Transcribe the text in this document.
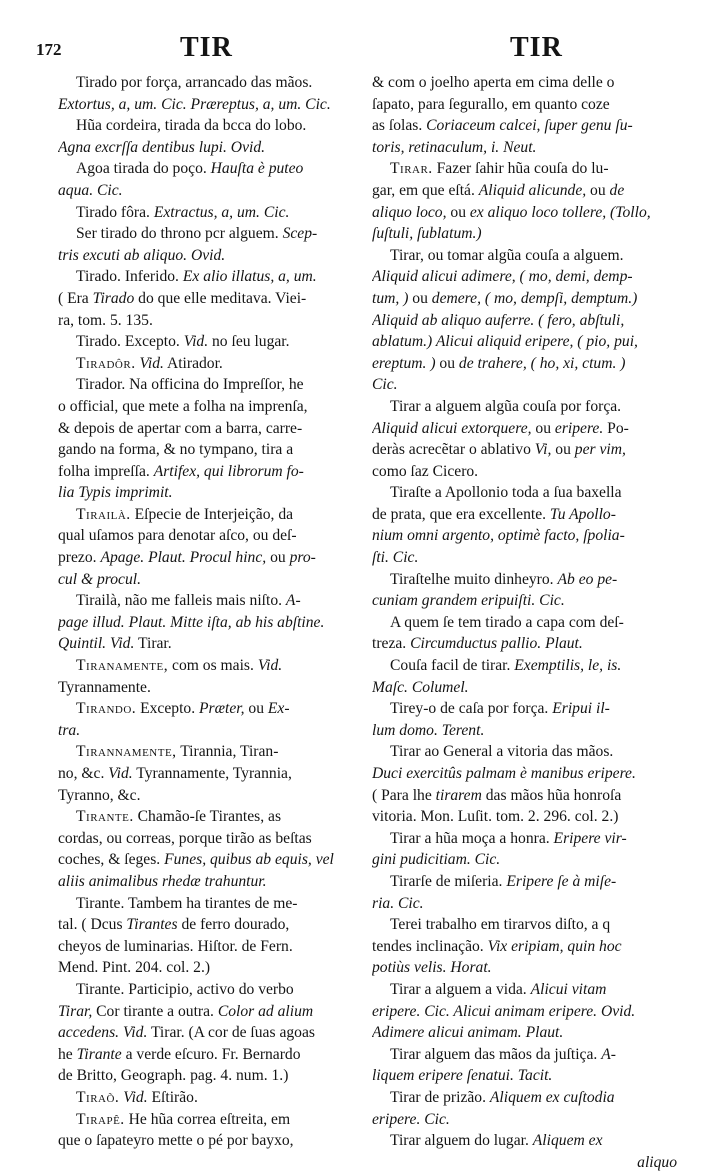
172	TIR	TIR
Tirado por força, arrancado das mãos.
Extortus, a, um. Cic. Præreptus, a, um. Cic.
Hũa cordeira, tirada da bcca do lobo.
Agna excrſſa dentibus lupi. Ovid.
Agoa tirada do poço. Hauſta è puteo
aqua. Cic.
Tirado fôra. Extractus, a, um. Cic.
Ser tirado do throno pcr alguem. Scep-
tris excuti ab aliquo. Ovid.
Tirado. Inferido. Ex alio illatus, a, um.
( Era Tirado do que elle meditava. Viei-
ra, tom. 5. 135.
Tirado. Excepto. Vid. no ſeu lugar.
Tiradôr. Vid. Atirador.
Tirador. Na officina do Impreſſor, he
o official, que mete a folha na imprenſa,
& depois de apertar com a barra, carre-
gando na forma, & no tympano, tira a
folha impreſſa. Artifex, qui librorum fo-
lia Typis imprimit.
Tirailà. Eſpecie de Interjeição, da
qual uſamos para denotar aſco, ou deſ-
prezo. Apage. Plaut. Procul hinc, ou pro-
cul & procul.
Tirailà, não me falleis mais niſto. A-
page illud. Plaut. Mitte iſta, ab his abſtine.
Quintil. Vid. Tirar.
Tiranamente, com os mais. Vid.
Tyrannamente.
Tirando. Excepto. Præter, ou Ex-
tra.
Tirannamente, Tirannia, Tiran-
no, &c. Vid. Tyrannamente, Tyrannia,
Tyranno, &c.
Tirante. Chamão-ſe Tirantes, as
cordas, ou correas, porque tirão as beſtas
coches, & ſeges. Funes, quibus ab equis, vel
aliis animalibus rhedæ trahuntur.
Tirante. Tambem ha tirantes de me-
tal. ( Dcus Tirantes de ferro dourado,
cheyos de luminarias. Hiſtor. de Fern.
Mend. Pint. 204. col. 2.)
Tirante. Participio, activo do verbo
Tirar, Cor tirante a outra. Color ad alium
accedens. Vid. Tirar. (A cor de ſuas agoas
he Tirante a verde eſcuro. Fr. Bernardo
de Britto, Geograph. pag. 4. num. 1.)
Tiraõ. Vid. Eſtirão.
Tirapê. He hũa correa eſtreita, em
que o ſapateyro mette o pé por bayxo,
& com o joelho aperta em cima delle o
ſapato, para ſegurallo, em quanto coze
as ſolas. Coriaceum calcei, ſuper genu ſu-
toris, retinaculum, i. Neut.
Tirar. Fazer ſahir hũa couſa do lu-
gar, em que eſtá. Aliquid alicunde, ou de
aliquo loco, ou ex aliquo loco tollere, (Tollo,
ſuſtuli, ſublatum.)
Tirar, ou tomar algũa couſa a alguem.
Aliquid alicui adimere, ( mo, demi, demp-
tum, ) ou demere, ( mo, dempſi, demptum.)
Aliquid ab aliquo auferre. ( fero, abſtuli,
ablatum.) Alicui aliquid eripere, ( pio, pui,
ereptum. ) ou de trahere, ( ho, xi, ctum. )
Cic.
Tirar a alguem algũa couſa por força.
Aliquid alicui extorquere, ou eripere. Po-
deràs acrecẽtar o ablativo Vi, ou per vim,
como ſaz Cicero.
Tiraſte a Apollonio toda a ſua baxella
de prata, que era excellente. Tu Apollo-
nium omni argento, optimè facto, ſpolia-
ſti. Cic.
Tiraſtelhe muito dinheyro. Ab eo pe-
cuniam grandem eripuiſti. Cic.
A quem ſe tem tirado a capa com deſ-
treza. Circumductus pallio. Plaut.
Couſa facil de tirar. Exemptilis, le, is.
Maſc. Columel.
Tirey-o de caſa por força. Eripui il-
lum domo. Terent.
Tirar ao General a vitoria das mãos.
Duci exercitûs palmam è manibus eripere.
( Para lhe tirarem das mãos hũa honroſa
vitoria. Mon. Luſit. tom. 2. 296. col. 2.)
Tirar a hũa moça a honra. Eripere vir-
gini pudicitiam. Cic.
Tirarſe de miſeria. Eripere ſe à miſe-
ria. Cic.
Terei trabalho em tirarvos diſto, a q
tendes inclinação. Vix eripiam, quin hoc
potiùs velis. Horat.
Tirar a alguem a vida. Alicui vitam
eripere. Cic. Alicui animam eripere. Ovid.
Adimere alicui animam. Plaut.
Tirar alguem das mãos da juſtiça. A-
liquem eripere ſenatui. Tacit.
Tirar de prizão. Aliquem ex cuſtodia
eripere. Cic.
Tirar alguem do lugar. Aliquem ex
aliquo
